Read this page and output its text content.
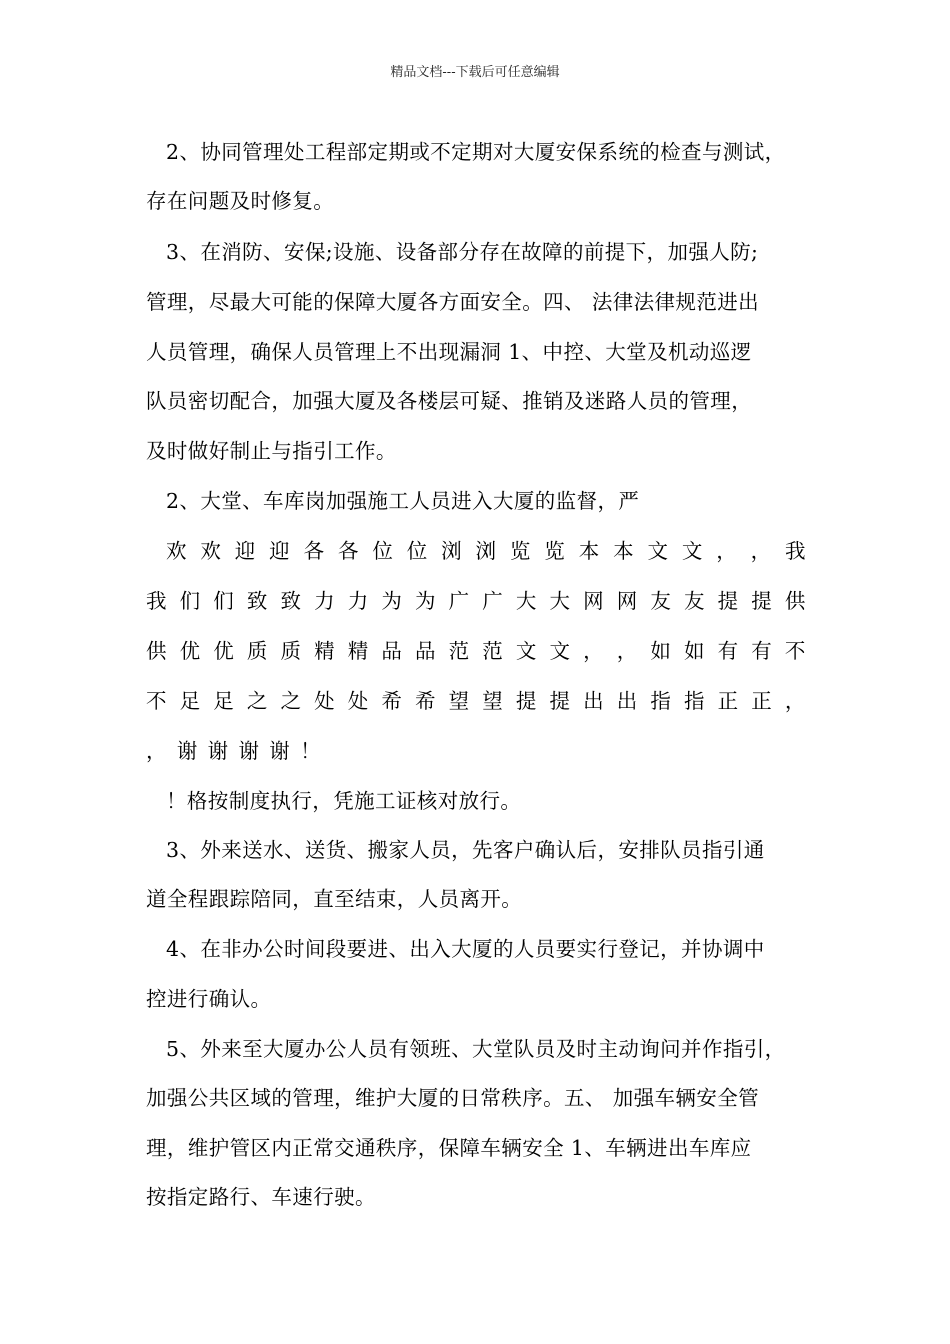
精品文档---下载后可任意编辑
2、协同管理处工程部定期或不定期对大厦安保系统的检查与测试，
存在问题及时修复。
3、在消防、安保;设施、设备部分存在故障的前提下，加强人防;
管理，尽最大可能的保障大厦各方面安全。四、 法律法律规范进出
人员管理，确保人员管理上不出现漏洞 1、中控、大堂及机动巡逻
队员密切配合，加强大厦及各楼层可疑、推销及迷路人员的管理，
及时做好制止与指引工作。
2、大堂、车库岗加强施工人员进入大厦的监督，严
欢 欢 迎 迎 各 各 位 位 浏 浏 览 览 本 本 文 文 ， ， 我
我 们 们 致 致 力 力 为 为 广 广 大 大 网 网 友 友 提 提 供
供 优 优 质 质 精 精 品 品 范 范 文 文 ， ， 如 如 有 有 不
不 足 足 之 之 处 处 希 希 望 望 提 提 出 出 指 指 正 正 ，
， 谢 谢 谢 谢 ！
！格按制度执行，凭施工证核对放行。
3、外来送水、送货、搬家人员，先客户确认后，安排队员指引通
道全程跟踪陪同，直至结束，人员离开。
4、在非办公时间段要进、出入大厦的人员要实行登记，并协调中
控进行确认。
5、外来至大厦办公人员有领班、大堂队员及时主动询问并作指引，
加强公共区域的管理，维护大厦的日常秩序。五、 加强车辆安全管
理，维护管区内正常交通秩序，保障车辆安全 1、车辆进出车库应
按指定路行、车速行驶。
